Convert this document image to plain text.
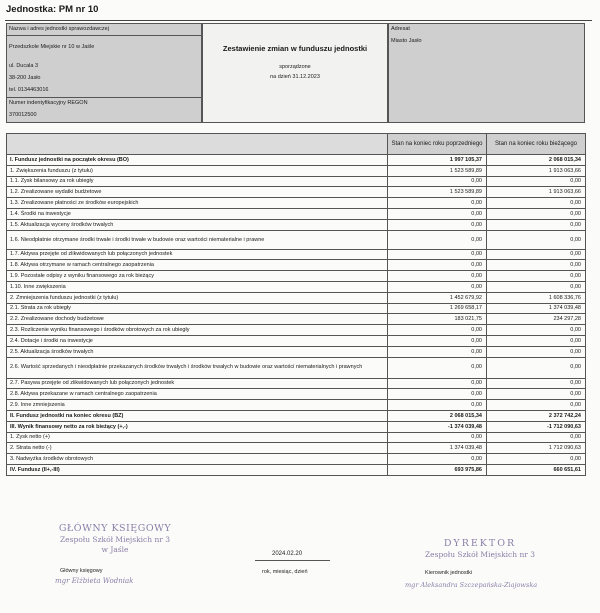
Jednostka: PM nr 10
Nazwa i adres jednostki sprawozdawczej
Przedszkole Miejskie nr 10 w Jaśle
ul. Ducala 3
38-200 Jasło
tel. 0134463016
Numer indentyfikacyjny REGON
370012500
Zestawienie zmian w funduszu jednostki
sporządzone
na dzień 31.12.2023
Adresat
Miasto Jasło
	Stan na koniec roku poprzedniego	Stan na koniec roku bieżącego
I. Fundusz jednostki na początek okresu (BO)	1 997 105,37	2 068 015,34
1. Zwiększenia funduszu (z tytułu)	1 523 589,89	1 913 063,66
1.1. Zysk bilansowy za rok ubiegły	0,00	0,00
1.2. Zrealizowane wydatki budżetowe	1 523 589,89	1 913 063,66
1.3. Zrealizowane płatności ze środków europejskich	0,00	0,00
1.4. Środki na inwestycje	0,00	0,00
1.5. Aktualizacja wyceny środków trwałych	0,00	0,00
1.6. Nieodpłatnie otrzymane środki trwałe i środki trwałe w budowie oraz wartości niematerialne i prawne	0,00	0,00
1.7. Aktywa przejęte od zlikwidowanych lub połączonych jednostek	0,00	0,00
1.8. Aktywa otrzymane w ramach centralnego zaopatrzenia	0,00	0,00
1.9. Pozostałe odpisy z wyniku finansowego za rok bieżący	0,00	0,00
1.10. Inne zwiększenia	0,00	0,00
2. Zmniejszenia funduszu jednostki (z tytułu)	1 452 679,92	1 608 336,76
2.1. Strata za rok ubiegły	1 269 658,17	1 374 039,48
2.2. Zrealizowane dochody budżetowe	183 021,75	234 297,28
2.3. Rozliczenie wyniku finansowego i środków obrotowych za rok ubiegły	0,00	0,00
2.4. Dotacje i środki na inwestycje	0,00	0,00
2.5. Aktualizacja środków trwałych	0,00	0,00
2.6. Wartość sprzedanych i nieodpłatnie przekazanych środków trwałych i środków trwałych w budowie oraz wartości niematerialnych i prawnych	0,00	0,00
2.7. Pasywa przejęte od zlikwidowanych lub połączonych jednostek	0,00	0,00
2.8. Aktywa przekazane w ramach centralnego zaopatrzenia	0,00	0,00
2.9. Inne zmniejszenia	0,00	0,00
II. Fundusz jednostki na koniec okresu (BZ)	2 068 015,34	2 372 742,24
III. Wynik finansowy netto za rok bieżący (+,-)	-1 374 039,48	-1 712 090,63
1. Zysk netto (+)	0,00	0,00
2. Strata netto (-)	1 374 039,48	1 712 090,63
3. Nadwyżka środków obrotowych	0,00	0,00
IV. Fundusz (II+,-III)	693 975,86	660 651,61
GŁÓWNY KSIĘGOWY
Zespołu Szkół Miejskich nr 3
w Jaśle
Główny księgowy
mgr Elżbieta Wodniak
2024.02.20
rok, miesiąc, dzień
DYREKTOR
Zespołu Szkół Miejskich nr 3
Kierownik jednostki
mgr Aleksandra Szczepańska-Ziajowska
